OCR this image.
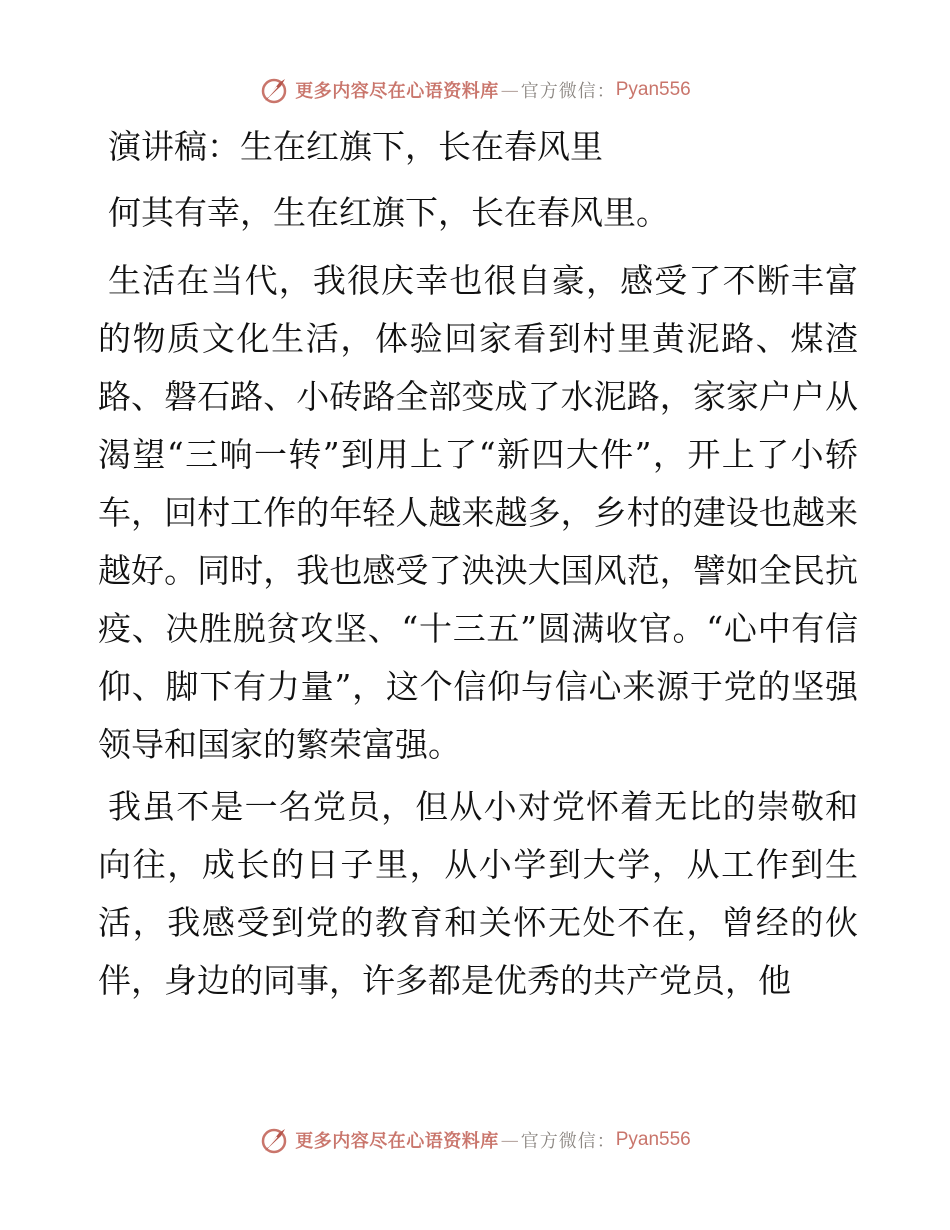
更多内容尽在心语资料库 — 官方微信： Pyan556
演讲稿：生在红旗下，长在春风里

何其有幸，生在红旗下，长在春风里。

生活在当代，我很庆幸也很自豪，感受了不断丰富的物质文化生活，体验回家看到村里黄泥路、煤渣路、磐石路、小砖路全部变成了水泥路，家家户户从渴望“三响一转”到用上了“新四大件”，开上了小轿车，回村工作的年轻人越来越多，乡村的建设也越来越好。同时，我也感受了泱泱大国风范，譬如全民抗疫、决胜脱贫攻坚、“十三五”圆满收官。“心中有信仰、脚下有力量”，这个信仰与信心来源于党的坚强领导和国家的繁荣富强。

我虽不是一名党员，但从小对党怀着无比的崇敬和向往，成长的日子里，从小学到大学，从工作到生活，我感受到党的教育和关怀无处不在，曾经的伙伴，身边的同事，许多都是优秀的共产党员，他

更多内容尽在心语资料库 — 官方微信： Pyan556
